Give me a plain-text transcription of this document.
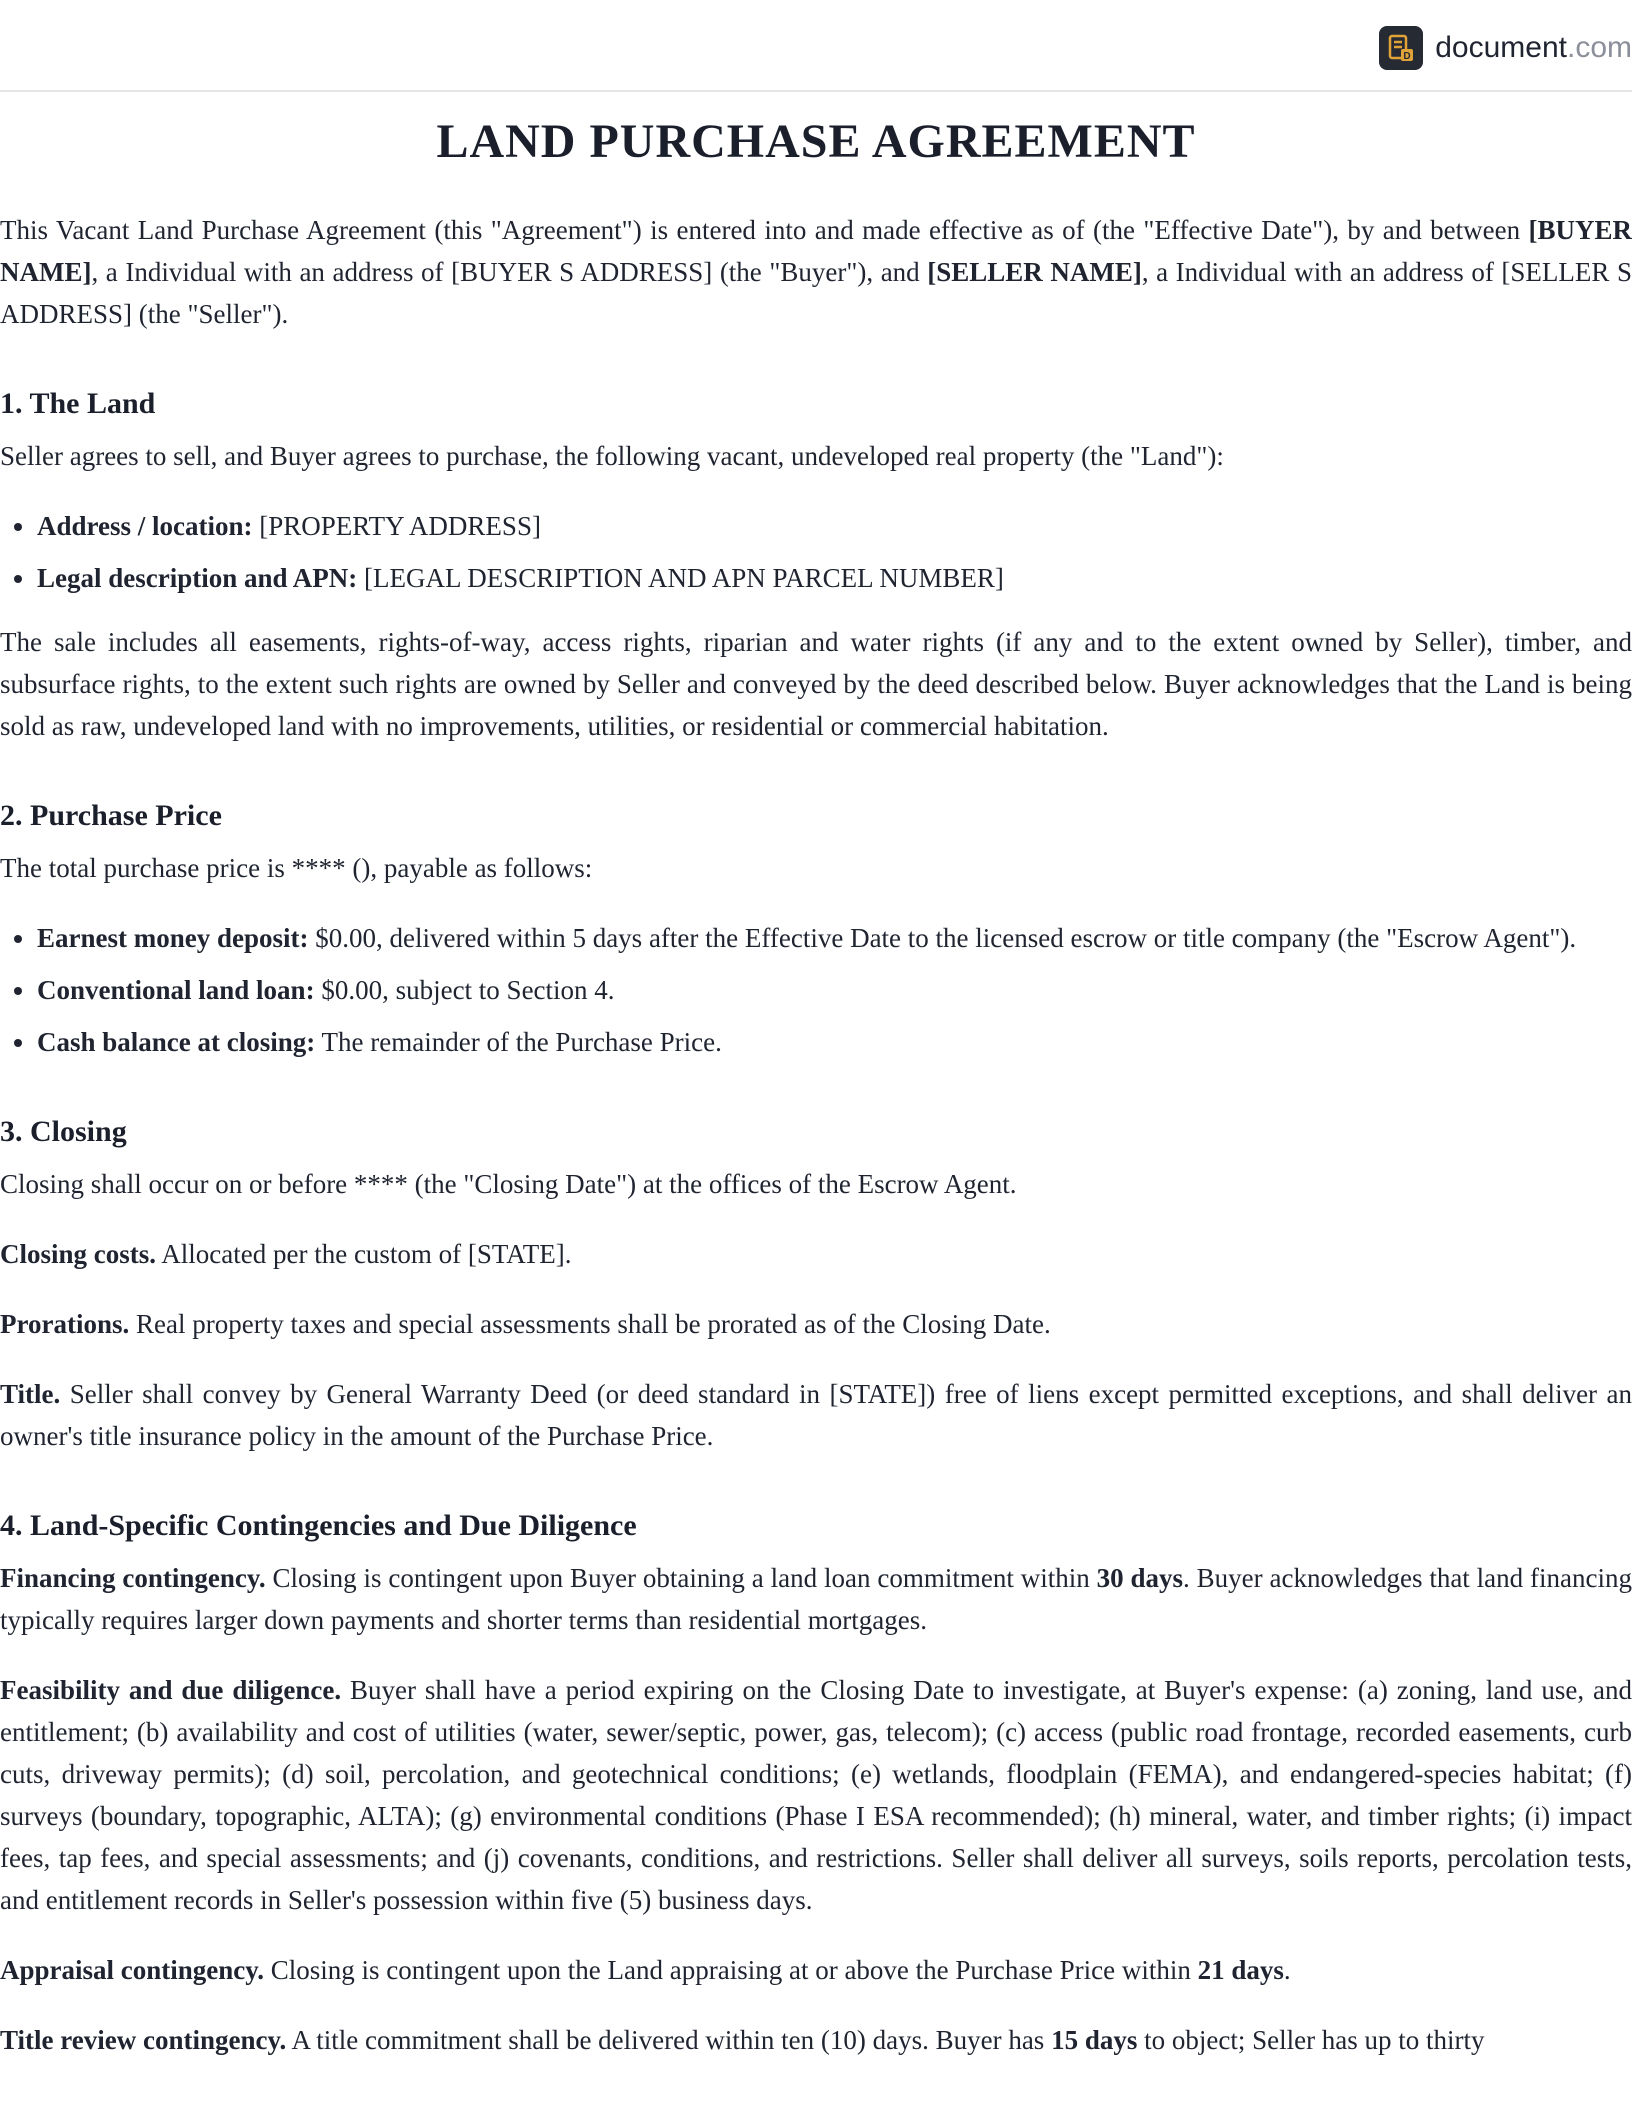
D document.com
LAND PURCHASE AGREEMENT

This Vacant Land Purchase Agreement (this "Agreement") is entered into and made effective as of (the "Effective Date"), by and between [BUYER NAME], a Individual with an address of [BUYER S ADDRESS] (the "Buyer"), and [SELLER NAME], a Individual with an address of [SELLER S ADDRESS] (the "Seller").

1. The Land

Seller agrees to sell, and Buyer agrees to purchase, the following vacant, undeveloped real property (the "Land"):

• Address / location: [PROPERTY ADDRESS]
• Legal description and APN: [LEGAL DESCRIPTION AND APN PARCEL NUMBER]

The sale includes all easements, rights-of-way, access rights, riparian and water rights (if any and to the extent owned by Seller), timber, and subsurface rights, to the extent such rights are owned by Seller and conveyed by the deed described below. Buyer acknowledges that the Land is being sold as raw, undeveloped land with no improvements, utilities, or residential or commercial habitation.

2. Purchase Price

The total purchase price is **** (), payable as follows:

• Earnest money deposit: $0.00, delivered within 5 days after the Effective Date to the licensed escrow or title company (the "Escrow Agent").
• Conventional land loan: $0.00, subject to Section 4.
• Cash balance at closing: The remainder of the Purchase Price.
3. Closing

Closing shall occur on or before **** (the "Closing Date") at the offices of the Escrow Agent.

Closing costs. Allocated per the custom of [STATE].

Prorations. Real property taxes and special assessments shall be prorated as of the Closing Date.

Title. Seller shall convey by General Warranty Deed (or deed standard in [STATE]) free of liens except permitted exceptions, and shall deliver an owner's title insurance policy in the amount of the Purchase Price.

4. Land-Specific Contingencies and Due Diligence

Financing contingency. Closing is contingent upon Buyer obtaining a land loan commitment within 30 days. Buyer acknowledges that land financing typically requires larger down payments and shorter terms than residential mortgages.

Feasibility and due diligence. Buyer shall have a period expiring on the Closing Date to investigate, at Buyer's expense: (a) zoning, land use, and entitlement; (b) availability and cost of utilities (water, sewer/septic, power, gas, telecom); (c) access (public road frontage, recorded easements, curb cuts, driveway permits); (d) soil, percolation, and geotechnical conditions; (e) wetlands, floodplain (FEMA), and endangered-species habitat; (f) surveys (boundary, topographic, ALTA); (g) environmental conditions (Phase I ESA recommended); (h) mineral, water, and timber rights; (i) impact fees, tap fees, and special assessments; and (j) covenants, conditions, and restrictions. Seller shall deliver all surveys, soils reports, percolation tests, and entitlement records in Seller's possession within five (5) business days.

Appraisal contingency. Closing is contingent upon the Land appraising at or above the Purchase Price within 21 days.

Title review contingency. A title commitment shall be delivered within ten (10) days. Buyer has 15 days to object; Seller has up to thirty
